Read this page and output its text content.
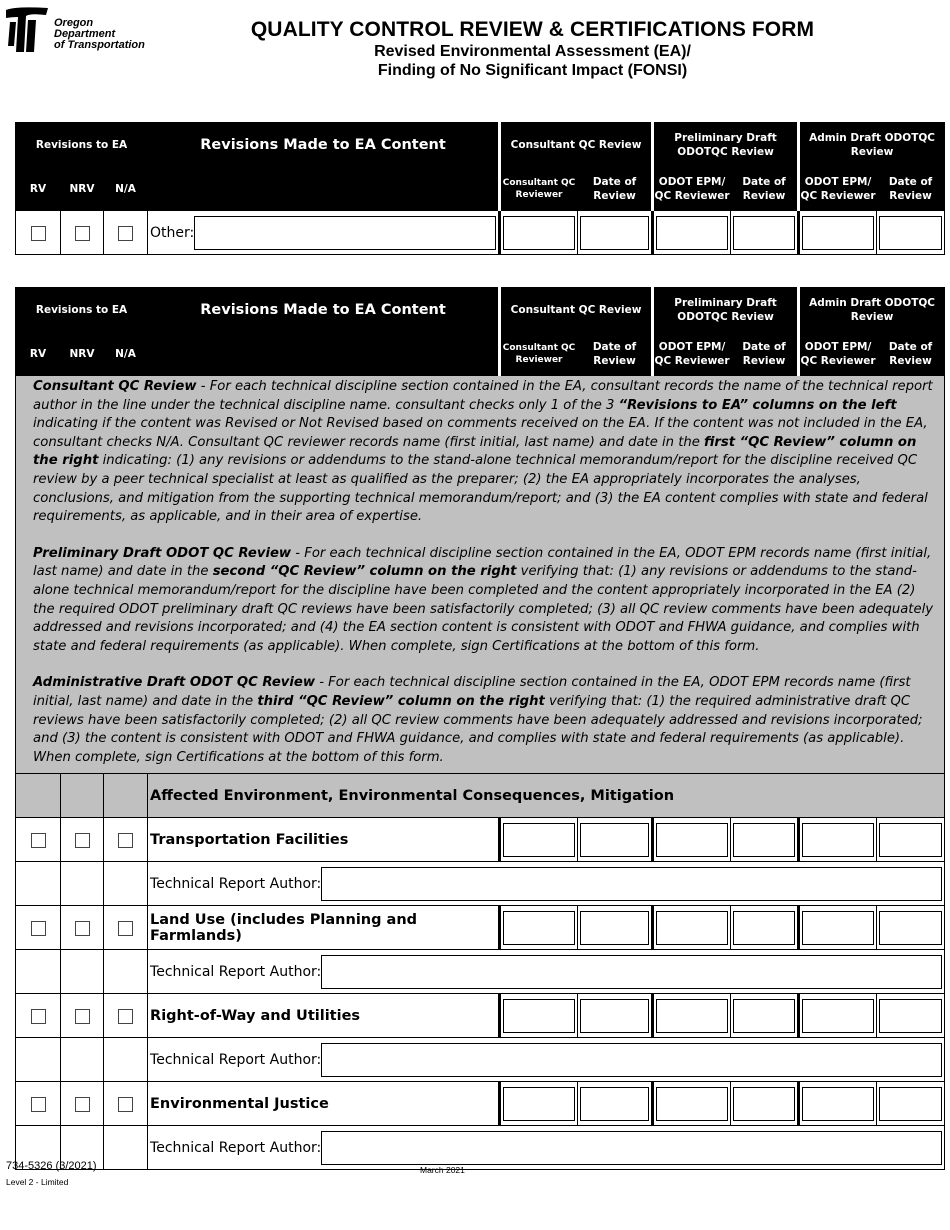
Oregon
Department
of Transportation
QUALITY CONTROL REVIEW & CERTIFICATIONS FORM
Revised Environmental Assessment (EA)/
Finding of No Significant Impact (FONSI)
Revisions to EA			Revisions Made to EA Content	Consultant QC Review		Preliminary Draft ODOTQC Review		Admin Draft ODOTQC Review	
RV	NRV	N/A		Consultant QC Reviewer	Date of Review	ODOT EPM/ QC Reviewer	Date of Review	ODOT EPM/ QC Reviewer	Date of Review

			Other:						

Revisions to EA			Revisions Made to EA Content	Consultant QC Review		Preliminary Draft ODOTQC Review		Admin Draft ODOTQC Review	
RV	NRV	N/A		Consultant QC Reviewer	Date of Review	ODOT EPM/ QC Reviewer	Date of Review	ODOT EPM/ QC Reviewer	Date of Review

Consultant QC Review - For each technical discipline section contained in the EA, consultant records the name of the technical report author in the line under the technical discipline name. consultant checks only 1 of the 3 “Revisions to EA” columns on the left indicating if the content was Revised or Not Revised based on comments received on the EA. If the content was not included in the EA, consultant checks N/A. Consultant QC reviewer records name (first initial, last name) and date in the first “QC Review” column on the right indicating: (1) any revisions or addendums to the stand-alone technical memorandum/report for the discipline received QC review by a peer technical specialist at least as qualified as the preparer; (2) the EA appropriately incorporates the analyses, conclusions, and mitigation from the supporting technical memorandum/report; and (3) the EA content complies with state and federal requirements, as applicable, and in their area of expertise.

Preliminary Draft ODOT QC Review - For each technical discipline section contained in the EA, ODOT EPM records name (first initial, last name) and date in the second “QC Review” column on the right verifying that: (1) any revisions or addendums to the stand-alone technical memorandum/report for the discipline have been completed and the content appropriately incorporated in the EA (2) the required ODOT preliminary draft QC reviews have been satisfactorily completed; (3) all QC review comments have been adequately addressed and revisions incorporated; and (4) the EA section content is consistent with ODOT and FHWA guidance, and complies with state and federal requirements (as applicable). When complete, sign Certifications at the bottom of this form.

Administrative Draft ODOT QC Review - For each technical discipline section contained in the EA, ODOT EPM records name (first initial, last name) and date in the third “QC Review” column on the right verifying that: (1) the required administrative draft QC reviews have been satisfactorily completed; (2) all QC review comments have been adequately addressed and revisions incorporated; and (3) the content is consistent with ODOT and FHWA guidance, and complies with state and federal requirements (as applicable). When complete, sign Certifications at the bottom of this form.									

			Affected Environment, Environmental Consequences, Mitigation						
			Transportation Facilities	

			Technical Report Author:						

			Land Use (includes Planning and Farmlands)	

			Technical Report Author:						

			Right-of-Way and Utilities	

			Technical Report Author:						

			Environmental Justice	

			Technical Report Author:						
734-5326 (3/2021)
Level 2 - Limited
March 2021
